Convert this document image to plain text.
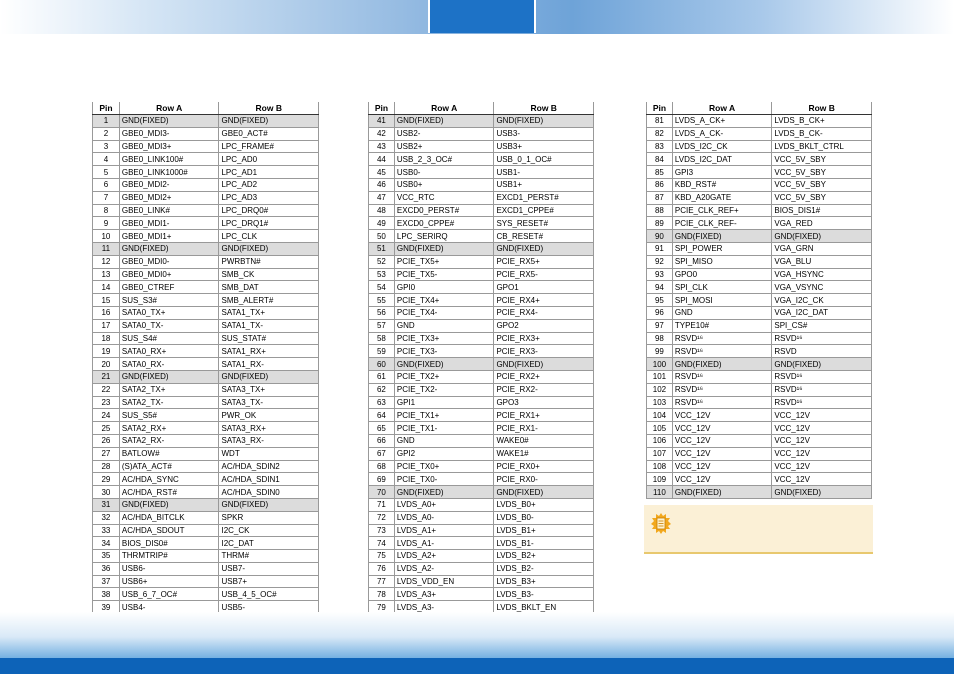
Pin	Row A	Row B
1	GND(FIXED)	GND(FIXED)
2	GBE0_MDI3-	GBE0_ACT#
3	GBE0_MDI3+	LPC_FRAME#
4	GBE0_LINK100#	LPC_AD0
5	GBE0_LINK1000#	LPC_AD1
6	GBE0_MDI2-	LPC_AD2
7	GBE0_MDI2+	LPC_AD3
8	GBE0_LINK#	LPC_DRQ0#
9	GBE0_MDI1-	LPC_DRQ1#
10	GBE0_MDI1+	LPC_CLK
11	GND(FIXED)	GND(FIXED)
12	GBE0_MDI0-	PWRBTN#
13	GBE0_MDI0+	SMB_CK
14	GBE0_CTREF	SMB_DAT
15	SUS_S3#	SMB_ALERT#
16	SATA0_TX+	SATA1_TX+
17	SATA0_TX-	SATA1_TX-
18	SUS_S4#	SUS_STAT#
19	SATA0_RX+	SATA1_RX+
20	SATA0_RX-	SATA1_RX-
21	GND(FIXED)	GND(FIXED)
22	SATA2_TX+	SATA3_TX+
23	SATA2_TX-	SATA3_TX-
24	SUS_S5#	PWR_OK
25	SATA2_RX+	SATA3_RX+
26	SATA2_RX-	SATA3_RX-
27	BATLOW#	WDT
28	(S)ATA_ACT#	AC/HDA_SDIN2
29	AC/HDA_SYNC	AC/HDA_SDIN1
30	AC/HDA_RST#	AC/HDA_SDIN0
31	GND(FIXED)	GND(FIXED)
32	AC/HDA_BITCLK	SPKR
33	AC/HDA_SDOUT	I2C_CK
34	BIOS_DIS0#	I2C_DAT
35	THRMTRIP#	THRM#
36	USB6-	USB7-
37	USB6+	USB7+
38	USB_6_7_OC#	USB_4_5_OC#
39	USB4-	USB5-

Pin	Row A	Row B
41	GND(FIXED)	GND(FIXED)
42	USB2-	USB3-
43	USB2+	USB3+
44	USB_2_3_OC#	USB_0_1_OC#
45	USB0-	USB1-
46	USB0+	USB1+
47	VCC_RTC	EXCD1_PERST#
48	EXCD0_PERST#	EXCD1_CPPE#
49	EXCD0_CPPE#	SYS_RESET#
50	LPC_SERIRQ	CB_RESET#
51	GND(FIXED)	GND(FIXED)
52	PCIE_TX5+	PCIE_RX5+
53	PCIE_TX5-	PCIE_RX5-
54	GPI0	GPO1
55	PCIE_TX4+	PCIE_RX4+
56	PCIE_TX4-	PCIE_RX4-
57	GND	GPO2
58	PCIE_TX3+	PCIE_RX3+
59	PCIE_TX3-	PCIE_RX3-
60	GND(FIXED)	GND(FIXED)
61	PCIE_TX2+	PCIE_RX2+
62	PCIE_TX2-	PCIE_RX2-
63	GPI1	GPO3
64	PCIE_TX1+	PCIE_RX1+
65	PCIE_TX1-	PCIE_RX1-
66	GND	WAKE0#
67	GPI2	WAKE1#
68	PCIE_TX0+	PCIE_RX0+
69	PCIE_TX0-	PCIE_RX0-
70	GND(FIXED)	GND(FIXED)
71	LVDS_A0+	LVDS_B0+
72	LVDS_A0-	LVDS_B0-
73	LVDS_A1+	LVDS_B1+
74	LVDS_A1-	LVDS_B1-
75	LVDS_A2+	LVDS_B2+
76	LVDS_A2-	LVDS_B2-
77	LVDS_VDD_EN	LVDS_B3+
78	LVDS_A3+	LVDS_B3-
79	LVDS_A3-	LVDS_BKLT_EN

Pin	Row A	Row B
81	LVDS_A_CK+	LVDS_B_CK+
82	LVDS_A_CK-	LVDS_B_CK-
83	LVDS_I2C_CK	LVDS_BKLT_CTRL
84	LVDS_I2C_DAT	VCC_5V_SBY
85	GPI3	VCC_5V_SBY
86	KBD_RST#	VCC_5V_SBY
87	KBD_A20GATE	VCC_5V_SBY
88	PCIE_CLK_REF+	BIOS_DIS1#
89	PCIE_CLK_REF-	VGA_RED
90	GND(FIXED)	GND(FIXED)
91	SPI_POWER	VGA_GRN
92	SPI_MISO	VGA_BLU
93	GPO0	VGA_HSYNC
94	SPI_CLK	VGA_VSYNC
95	SPI_MOSI	VGA_I2C_CK
96	GND	VGA_I2C_DAT
97	TYPE10#	SPI_CS#
98	RSVD¹⁶	RSVD¹⁶
99	RSVD¹⁶	RSVD
100	GND(FIXED)	GND(FIXED)
101	RSVD¹⁶	RSVD¹⁶
102	RSVD¹⁶	RSVD¹⁶
103	RSVD¹⁶	RSVD¹⁶
104	VCC_12V	VCC_12V
105	VCC_12V	VCC_12V
106	VCC_12V	VCC_12V
107	VCC_12V	VCC_12V
108	VCC_12V	VCC_12V
109	VCC_12V	VCC_12V
110	GND(FIXED)	GND(FIXED)
